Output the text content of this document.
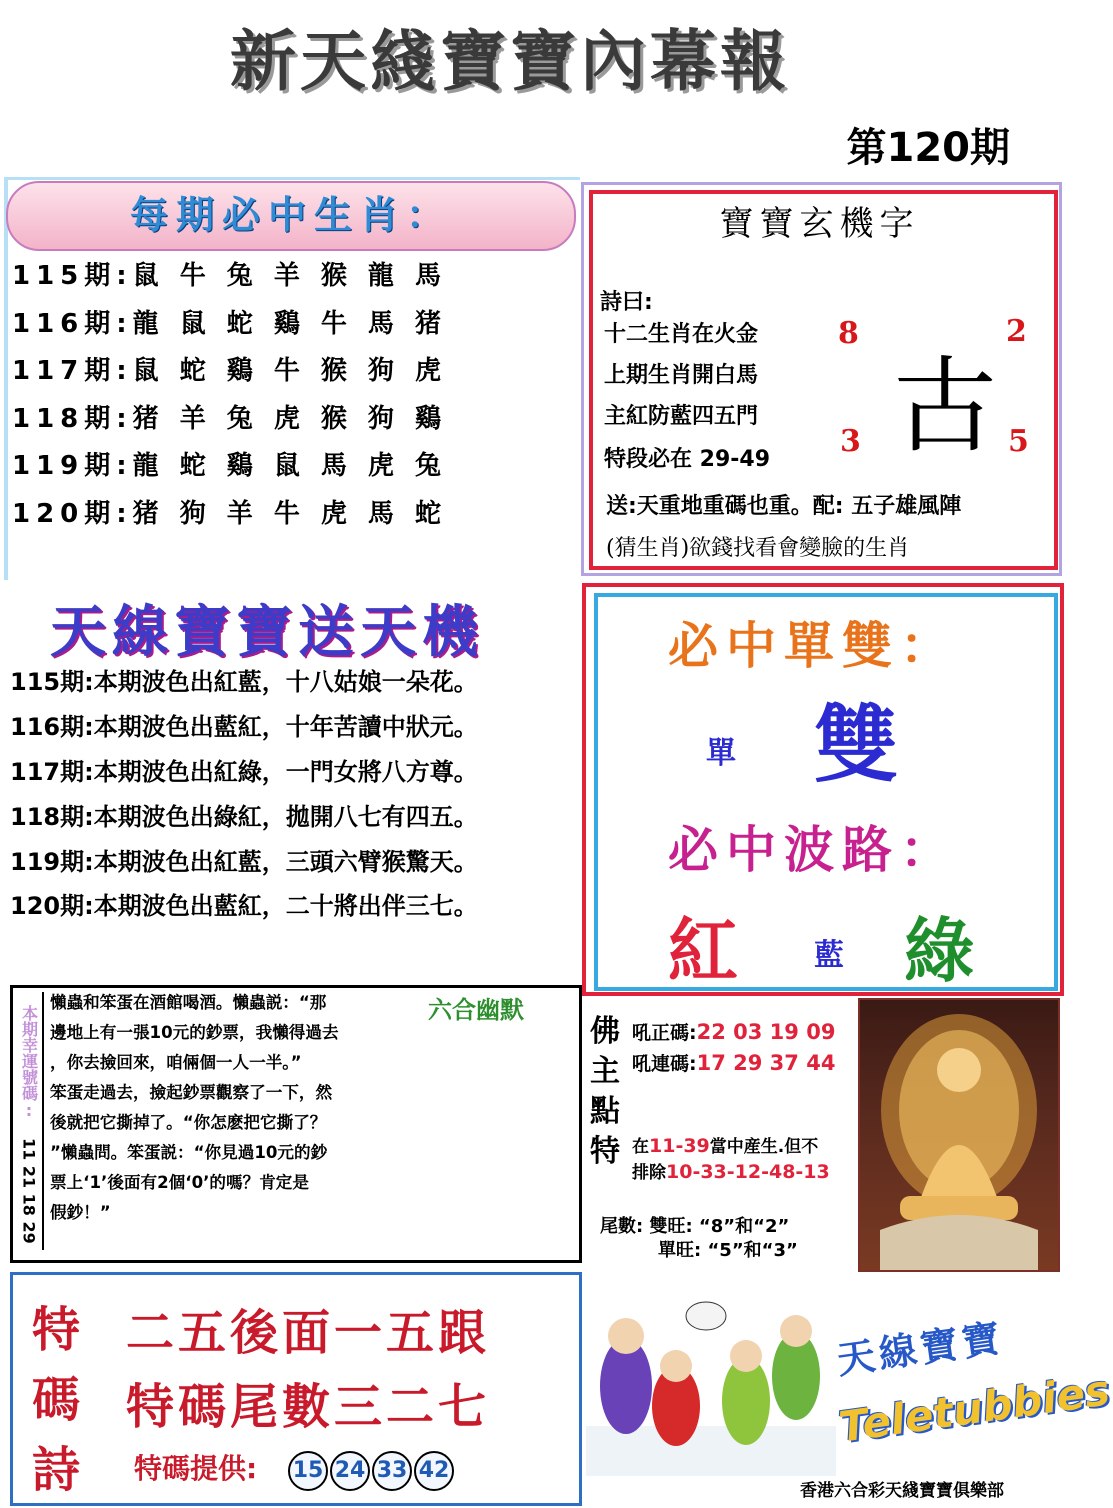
新天綫寶寶內幕報
第120期
每期必中生肖：
115期:鼠 牛 兔 羊 猴 龍 馬
116期:龍 鼠 蛇 鷄 牛 馬 猪
117期:鼠 蛇 鷄 牛 猴 狗 虎
118期:猪 羊 兔 虎 猴 狗 鷄
119期:龍 蛇 鷄 鼠 馬 虎 兔
120期:猪 狗 羊 牛 虎 馬 蛇
寶寶玄機字
詩曰:
十二生肖在火金
上期生肖開白馬
主紅防藍四五門
特段必在 29-49 古
8	2
3	5
送:天重地重碼也重。配: 五子雄風陣
(猜生肖)欲錢找看會變臉的生肖
天線寶寶送天機
115期:本期波色出紅藍，十八姑娘一朵花。
116期:本期波色出藍紅，十年苦讀中狀元。
117期:本期波色出紅綠，一門女將八方尊。
118期:本期波色出綠紅，拋開八七有四五。
119期:本期波色出紅藍，三頭六臂猴驚天。
120期:本期波色出藍紅，二十將出伴三七。
必中單雙：
單 雙
必中波路：
紅	藍 綠
本期幸運號碼:
11 21 18 29
六合幽默
懶蟲和笨蛋在酒館喝酒。懶蟲説：“那
邊地上有一張10元的鈔票，我懶得過去
，你去撿回來，咱倆個一人一半。”
笨蛋走過去，撿起鈔票觀察了一下，然
後就把它撕掉了。“你怎麽把它撕了？
”懶蟲問。笨蛋説：“你見過10元的鈔
票上‘1’後面有2個‘0’的嗎？肯定是
假鈔！”
佛主點特
吼正碼:22 03 19 09
吼連碼:17 29 37 44
在11-39當中産生.但不
排除10-33-12-48-13
尾數: 雙旺: “8”和“2”
單旺: “5”和“3”
特
碼
詩
二五後面一五跟
特碼尾數三二七
特碼提供: 15 24 33 42
天線寶寶
Teletubbies
香港六合彩天綫寶寶俱樂部
